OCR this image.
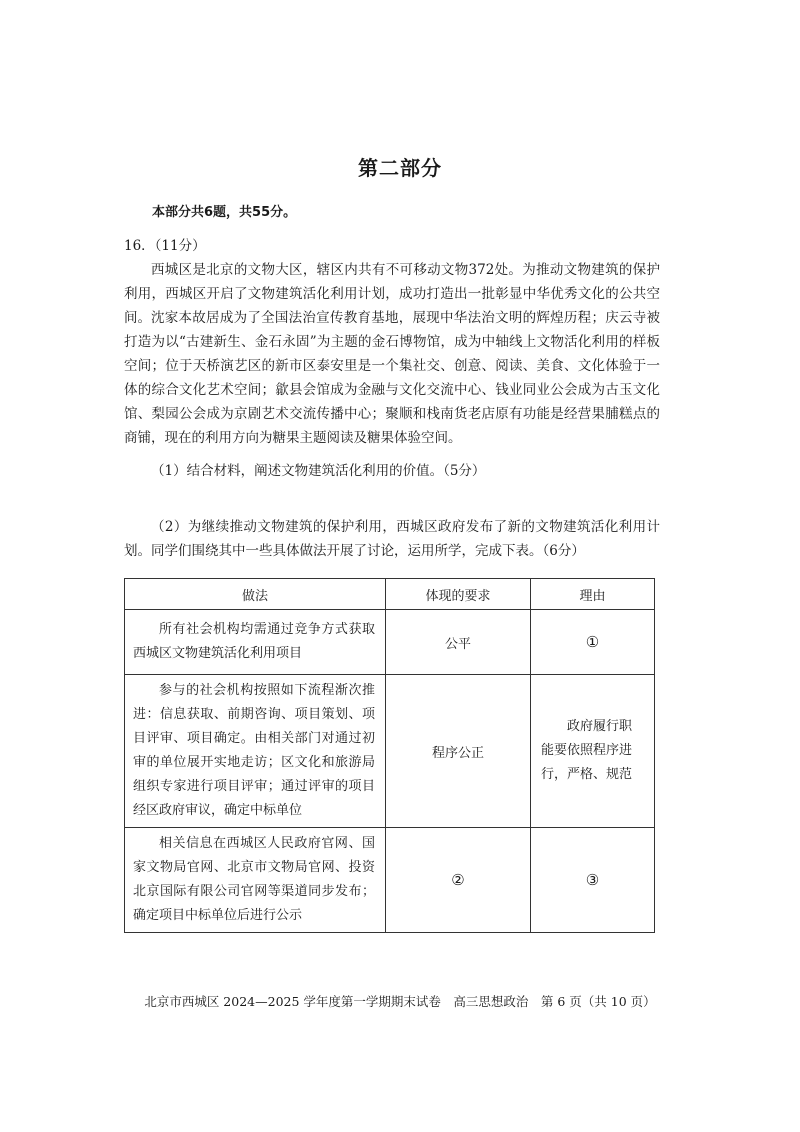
第二部分
本部分共6题，共55分。
16．（11分）

西城区是北京的文物大区，辖区内共有不可移动文物372处。为推动文物建筑的保护利用，西城区开启了文物建筑活化利用计划，成功打造出一批彰显中华优秀文化的公共空间。 沈家本故居成为了全国法治宣传教育基地，展现中华法治文明的辉煌历程；庆云寺被打造为以“古建新生、金石永固”为主题的金石博物馆，成为中轴线上文物活化利用的样板空间；位于天桥演艺区的新市区泰安里是一个集社交、创意、阅读、美食、文化体验于一体的综合文化艺术空间；歙县会馆成为金融与文化交流中心、钱业同业公会成为古玉文化馆、梨园公会成为京剧艺术交流传播中心；聚顺和栈南货老店原有功能是经营果脯糕点的商铺，现在的利用方向为糖果主题阅读及糖果体验空间。

（1）结合材料，阐述文物建筑活化利用的价值。（5分）

（2）为继续推动文物建筑的保护利用，西城区政府发布了新的文物建筑活化利用计划。同学们围绕其中一些具体做法开展了讨论，运用所学，完成下表。（6分）

做法	体现的要求	理由

所有社会机构均需通过竞争方式获取西城区文物建筑活化利用项目	公平	①

参与的社会机构按照如下流程渐次推进：信息获取、前期咨询、项目策划、项目评审、项目确定。由相关部门对通过初审的单位展开实地走访；区文化和旅游局组织专家进行项目评审；通过评审的项目经区政府审议，确定中标单位	程序公正	政府履行职能要依照程序进行，严格、规范

相关信息在西城区人民政府官网、国家文物局官网、北京市文物局官网、投资北京国际有限公司官网等渠道同步发布；确定项目中标单位后进行公示	②	③
北京市西城区 2024—2025 学年度第一学期期末试卷　高三思想政治　第 6 页（共 10 页）
